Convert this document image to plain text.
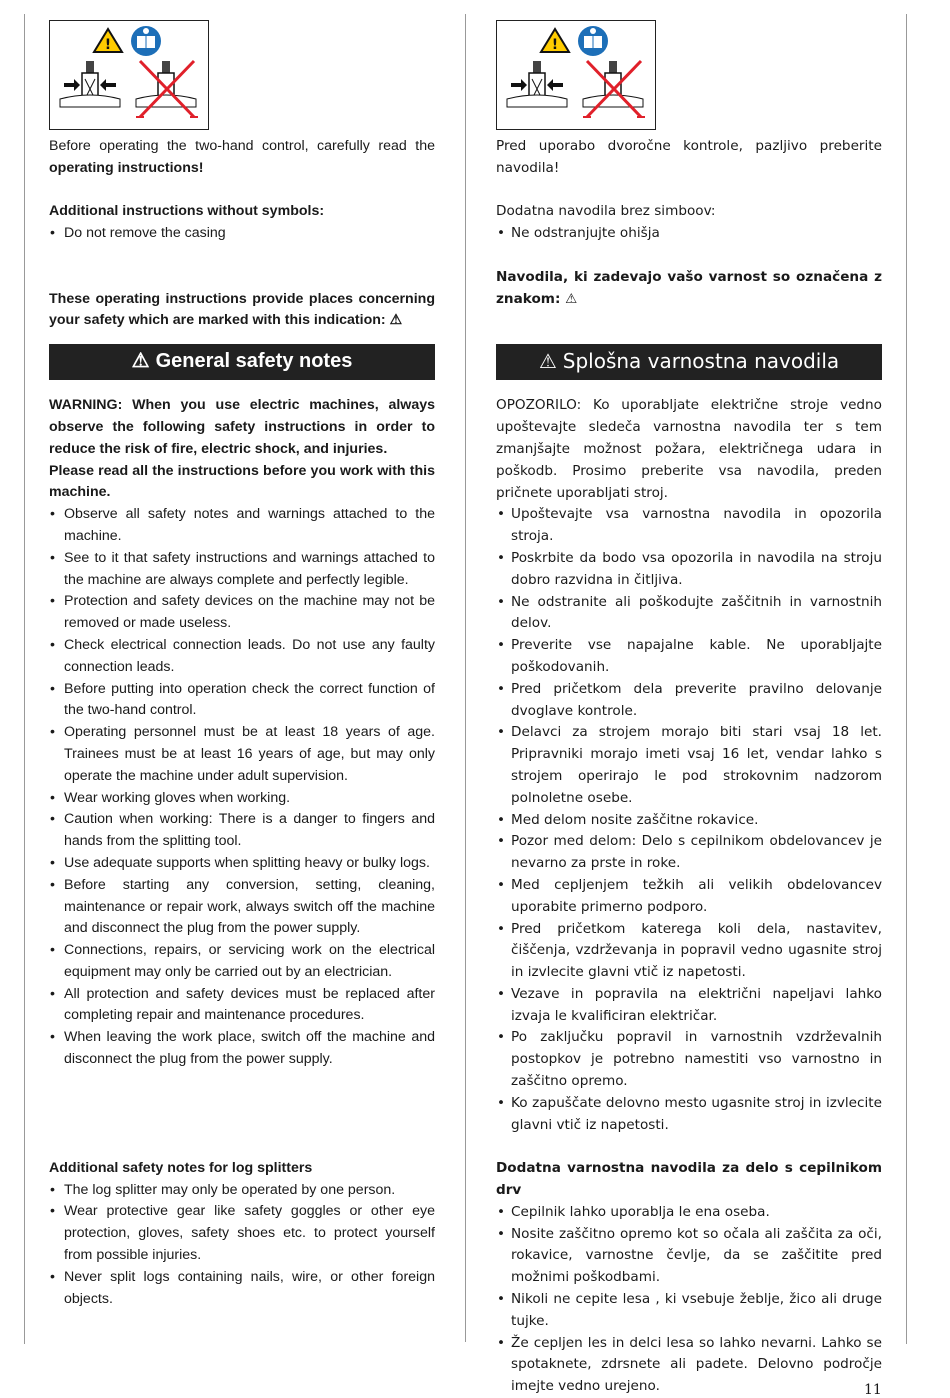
!

Before operating the two-hand control, carefully read the operating instructions!

Additional instructions without symbols:

• Do not remove the casing

These operating instructions provide places concerning your safety which are marked with this indication: ⚠

⚠ General safety notes

WARNING: When you use electric machines, always observe the following safety instructions in order to reduce the risk of fire, electric shock, and injuries.

Please read all the instructions before you work with this machine.

• Observe all safety notes and warnings attached to the machine.
• See to it that safety instructions and warnings attached to the machine are always complete and perfectly legible.
• Protection and safety devices on the machine may not be removed or made useless.
• Check electrical connection leads. Do not use any faulty connection leads.
• Before putting into operation check the correct function of the two-hand control.
• Operating personnel must be at least 18 years of age. Trainees must be at least 16 years of age, but may only operate the machine under adult supervision.
• Wear working gloves when working.
• Caution when working: There is a danger to fingers and hands from the splitting tool.
• Use adequate supports when splitting heavy or bulky logs.
• Before starting any conversion, setting, cleaning, maintenance or repair work, always switch off the machine and disconnect the plug from the power supply.
• Connections, repairs, or servicing work on the electrical equipment may only be carried out by an electrician.
• All protection and safety devices must be replaced after completing repair and maintenance procedures.
• When leaving the work place, switch off the machine and disconnect the plug from the power supply.

Additional safety notes for log splitters

• The log splitter may only be operated by one person.
• Wear protective gear like safety goggles or other eye protection, gloves, safety shoes etc. to protect yourself from possible injuries.
• Never split logs containing nails, wire, or other foreign objects.
!

Pred uporabo dvoročne kontrole, pazljivo preberite navodila!

Dodatna navodila brez simboov:

• Ne odstranjujte ohišja

Navodila, ki zadevajo vašo varnost so označena z znakom: ⚠

⚠ Splošna varnostna navodila

OPOZORILO: Ko uporabljate električne stroje vedno upoštevajte sledeča varnostna navodila ter s tem zmanjšajte možnost požara, električnega udara in poškodb. Prosimo preberite vsa navodila, preden pričnete uporabljati stroj.

• Upoštevajte vsa varnostna navodila in opozorila stroja.
• Poskrbite da bodo vsa opozorila in navodila na stroju dobro razvidna in čitljiva.
• Ne odstranite ali poškodujte zaščitnih in varnostnih delov.
• Preverite vse napajalne kable. Ne uporabljajte poškodovanih.
• Pred pričetkom dela preverite pravilno delovanje dvoglave kontrole.
• Delavci za strojem morajo biti stari vsaj 18 let. Pripravniki morajo imeti vsaj 16 let, vendar lahko s strojem operirajo le pod strokovnim nadzorom polnoletne osebe.
• Med delom nosite zaščitne rokavice.
• Pozor med delom: Delo s cepilnikom obdelovancev je nevarno za prste in roke.
• Med cepljenjem težkih ali velikih obdelovancev uporabite primerno podporo.
• Pred pričetkom katerega koli dela, nastavitev, čiščenja, vzdrževanja in popravil vedno ugasnite stroj in izvlecite glavni vtič iz napetosti.
• Vezave in popravila na električni napeljavi lahko izvaja le kvalificiran električar.
• Po zaključku popravil in varnostnih vzdrževalnih postopkov je potrebno namestiti vso varnostno in zaščitno opremo.
• Ko zapuščate delovno mesto ugasnite stroj in izvlecite glavni vtič iz napetosti.

Dodatna varnostna navodila za delo s cepilnikom drv

• Cepilnik lahko uporablja le ena oseba.
• Nosite zaščitno opremo kot so očala ali zaščita za oči, rokavice, varnostne čevlje, da se zaščitite pred možnimi poškodbami.
• Nikoli ne cepite lesa , ki vsebuje žeblje, žico ali druge tujke.
• Že cepljen les in delci lesa so lahko nevarni. Lahko se spotaknete, zdrsnete ali padete. Delovno področje imejte vedno urejeno.	11
